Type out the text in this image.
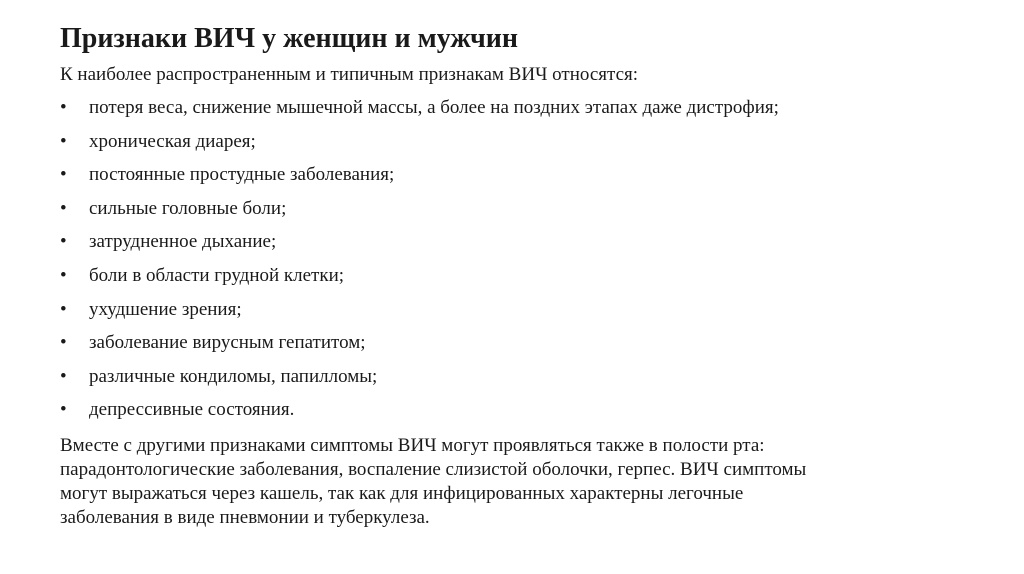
Признаки ВИЧ у женщин и мужчин

К наиболее распространенным и типичным признакам ВИЧ относятся:

•	потеря веса, снижение мышечной массы, а более на поздних этапах даже дистрофия;
•	хроническая диарея;
•	постоянные простудные заболевания;
•	сильные головные боли;
•	затрудненное дыхание;
•	боли в области грудной клетки;
•	ухудшение зрения;
•	заболевание вирусным гепатитом;
•	различные кондиломы, папилломы;
•	депрессивные состояния.

Вместе с другими признаками симптомы ВИЧ могут проявляться также в полости рта:
парадонтологические заболевания, воспаление слизистой оболочки, герпес. ВИЧ симптомы
могут выражаться через кашель, так как для инфицированных характерны легочные
заболевания в виде пневмонии и туберкулеза.
